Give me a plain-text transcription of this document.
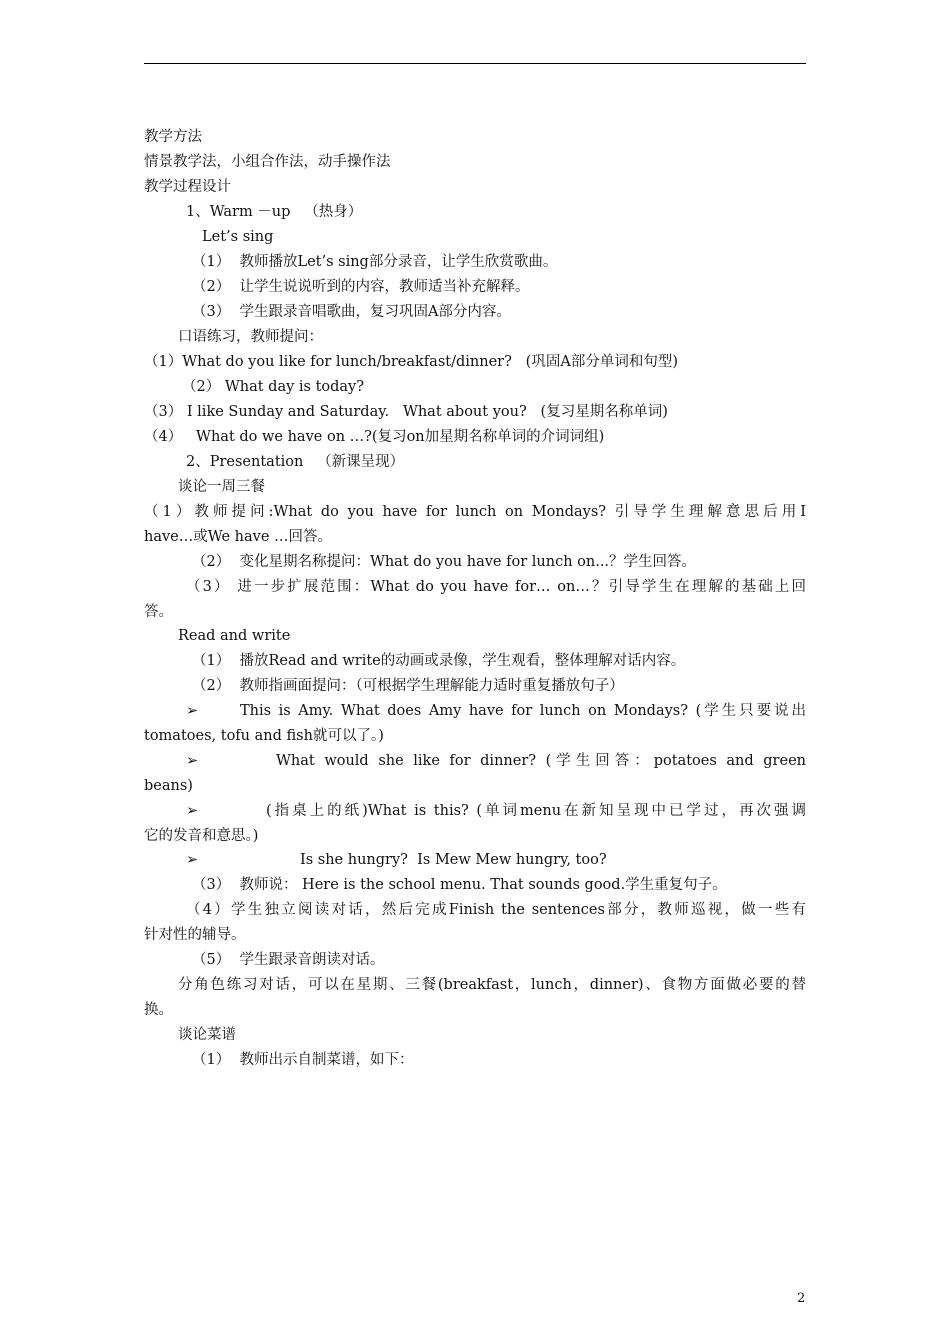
教学方法
情景教学法，小组合作法，动手操作法
教学过程设计
1、Warm －up   （热身）
Let’s sing
（1）  教师播放Let’s sing部分录音，让学生欣赏歌曲。
（2）  让学生说说听到的内容，教师适当补充解释。
（3）  学生跟录音唱歌曲，复习巩固A部分内容。
口语练习，教师提问：
（1）What do you like for lunch/breakfast/dinner?   (巩固A部分单词和句型)
（2） What day is today?
（3） I like Sunday and Saturday.   What about you?   (复习星期名称单词)
（4）   What do we have on …?(复习on加星期名称单词的介词词组)
2、Presentation   （新课呈现）
谈论一周三餐
（1）教师提问:What do you have for lunch on Mondays? 引导学生理解意思后用I
have…或We have …回答。
（2）  变化星期名称提问：What do you have for lunch on...？学生回答。
（3） 进一步扩展范围：What do you have for… on…？引导学生在理解的基础上回
答。
Read and write
（1）  播放Read and write的动画或录像，学生观看，整体理解对话内容。
（2）  教师指画面提问：（可根据学生理解能力适时重复播放句子）
➢	This is Amy. What does Amy have for lunch on Mondays? (学生只要说出
tomatoes, tofu and fish就可以了。)
➢	What would she like for dinner? (学生回答：potatoes and green
beans)
➢	(指桌上的纸)What is this? (单词menu在新知呈现中已学过，再次强调
它的发音和意思。)
➢	Is she hungry?  Is Mew Mew hungry, too?
（3）  教师说： Here is the school menu. That sounds good.学生重复句子。
（4）学生独立阅读对话，然后完成Finish the sentences部分，教师巡视，做一些有
针对性的辅导。
（5）  学生跟录音朗读对话。
分角色练习对话，可以在星期、三餐(breakfast，lunch，dinner)、食物方面做必要的替
换。
谈论菜谱
（1）  教师出示自制菜谱，如下：
2
